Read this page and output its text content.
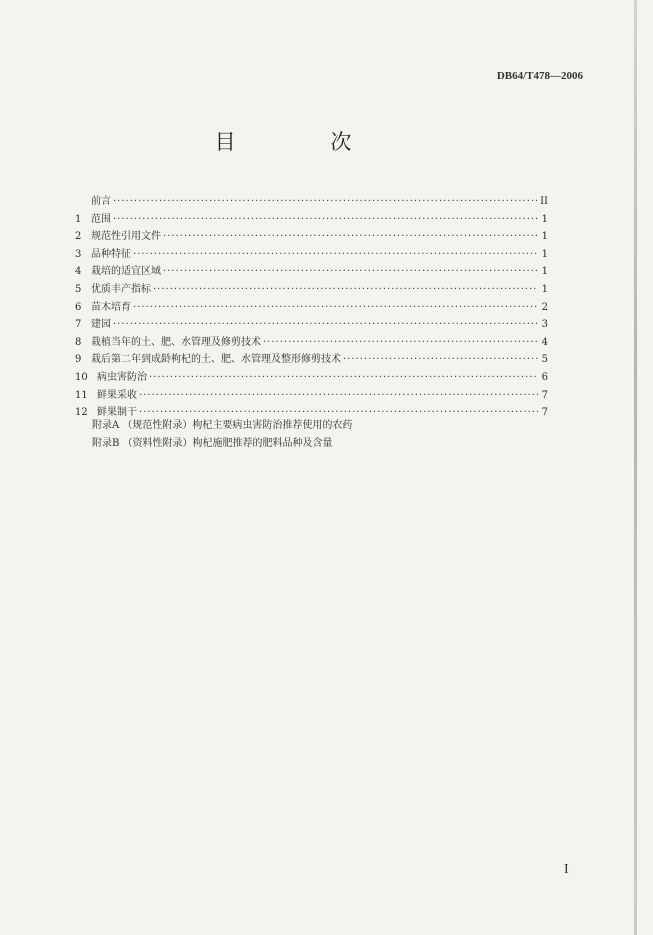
DB64/T478—2006
目 次
前言 ·····	II
1 范围 ·····	1
2 规范性引用文件 ·····	1
3 品种特征 ·····	1
4 栽培的适宜区域 ·····	1
5 优质丰产指标 ·····	1
6 苗木培育 ·····	2
7 建园 ·····	3
8 栽植当年的土、肥、水管理及修剪技术 ·····	4
9 栽后第二年到成龄枸杞的土、肥、水管理及整形修剪技术 ·····	5
10 病虫害防治 ·····	6
11 鲜果采收 ·····	7
12 鲜果制干 ·····	7
附录A （规范性附录）枸杞主要病虫害防治推荐使用的农药
附录B （资料性附录）枸杞施肥推荐的肥料品种及含量
I
